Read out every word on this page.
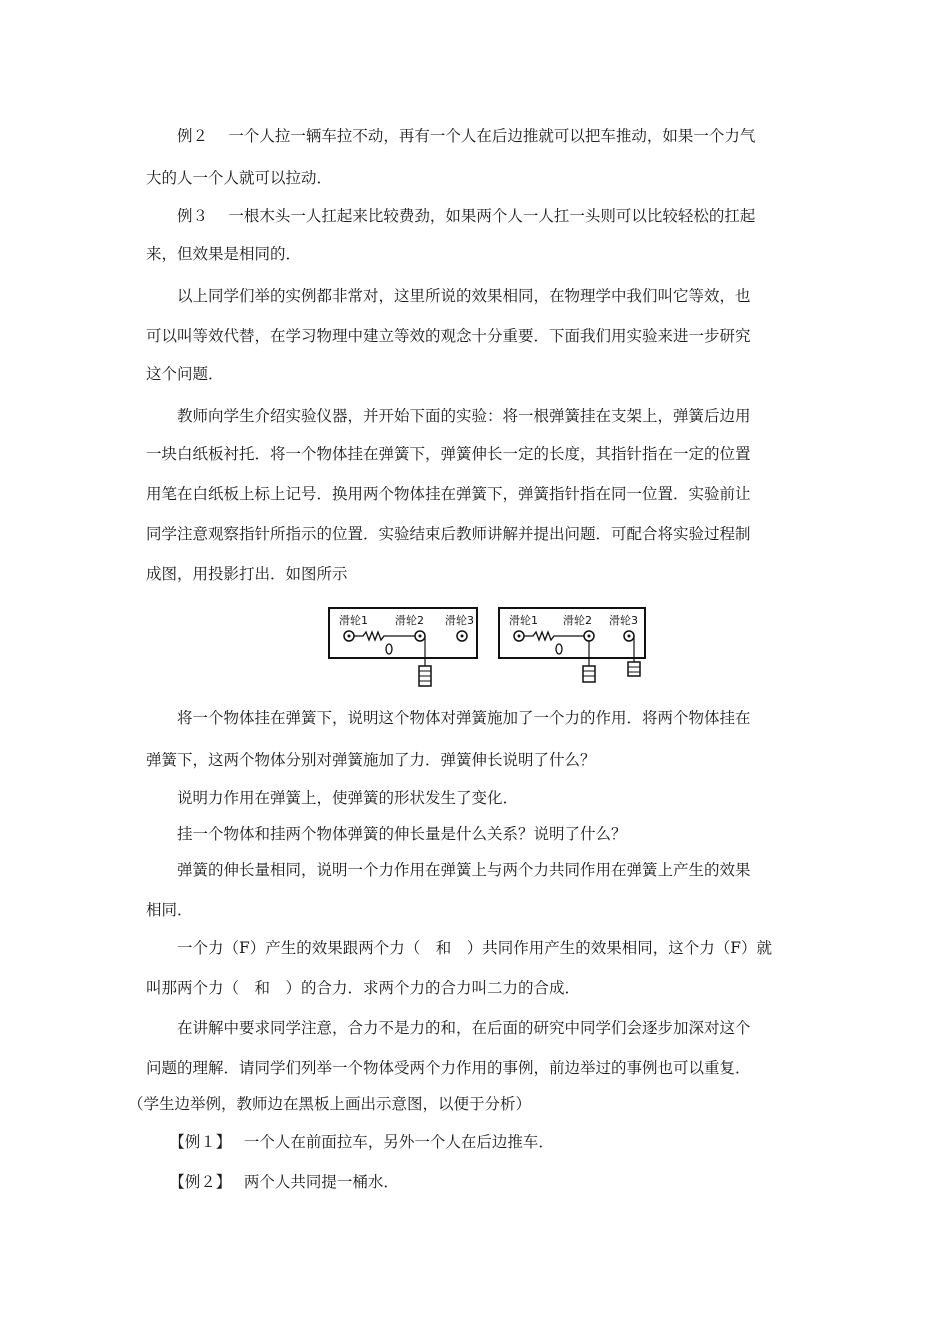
　　例２　 一个人拉一辆车拉不动，再有一个人在后边推就可以把车推动，如果一个力气
大的人一个人就可以拉动．
　　例３　 一根木头一人扛起来比较费劲，如果两个人一人扛一头则可以比较轻松的扛起
来，但效果是相同的．
　　以上同学们举的实例都非常对，这里所说的效果相同，在物理学中我们叫它等效，也
可以叫等效代替，在学习物理中建立等效的观念十分重要．下面我们用实验来进一步研究
这个问题．
　　教师向学生介绍实验仪器，并开始下面的实验：将一根弹簧挂在支架上，弹簧后边用
一块白纸板衬托．将一个物体挂在弹簧下，弹簧伸长一定的长度，其指针指在一定的位置
用笔在白纸板上标上记号．换用两个物体挂在弹簧下，弹簧指针指在同一位置．实验前让
同学注意观察指针所指示的位置．实验结束后教师讲解并提出问题．可配合将实验过程制
成图，用投影打出．如图所示
滑轮1 滑轮2 滑轮3	滑轮1 滑轮2 滑轮3
　　将一个物体挂在弹簧下，说明这个物体对弹簧施加了一个力的作用．将两个物体挂在
弹簧下，这两个物体分别对弹簧施加了力．弹簧伸长说明了什么？
　　说明力作用在弹簧上，使弹簧的形状发生了变化．
　　挂一个物体和挂两个物体弹簧的伸长量是什么关系？说明了什么？
　　弹簧的伸长量相同，说明一个力作用在弹簧上与两个力共同作用在弹簧上产生的效果
相同．
　　一个力（F）产生的效果跟两个力（　和　）共同作用产生的效果相同，这个力（F）就
叫那两个力（　和　）的合力．求两个力的合力叫二力的合成．
　　在讲解中要求同学注意，合力不是力的和，在后面的研究中同学们会逐步加深对这个
问题的理解．请同学们列举一个物体受两个力作用的事例，前边举过的事例也可以重复．
（学生边举例，教师边在黑板上画出示意图，以便于分析）
　　【例１】　 一个人在前面拉车，另外一个人在后边推车．
　　【例２】　 两个人共同提一桶水．
